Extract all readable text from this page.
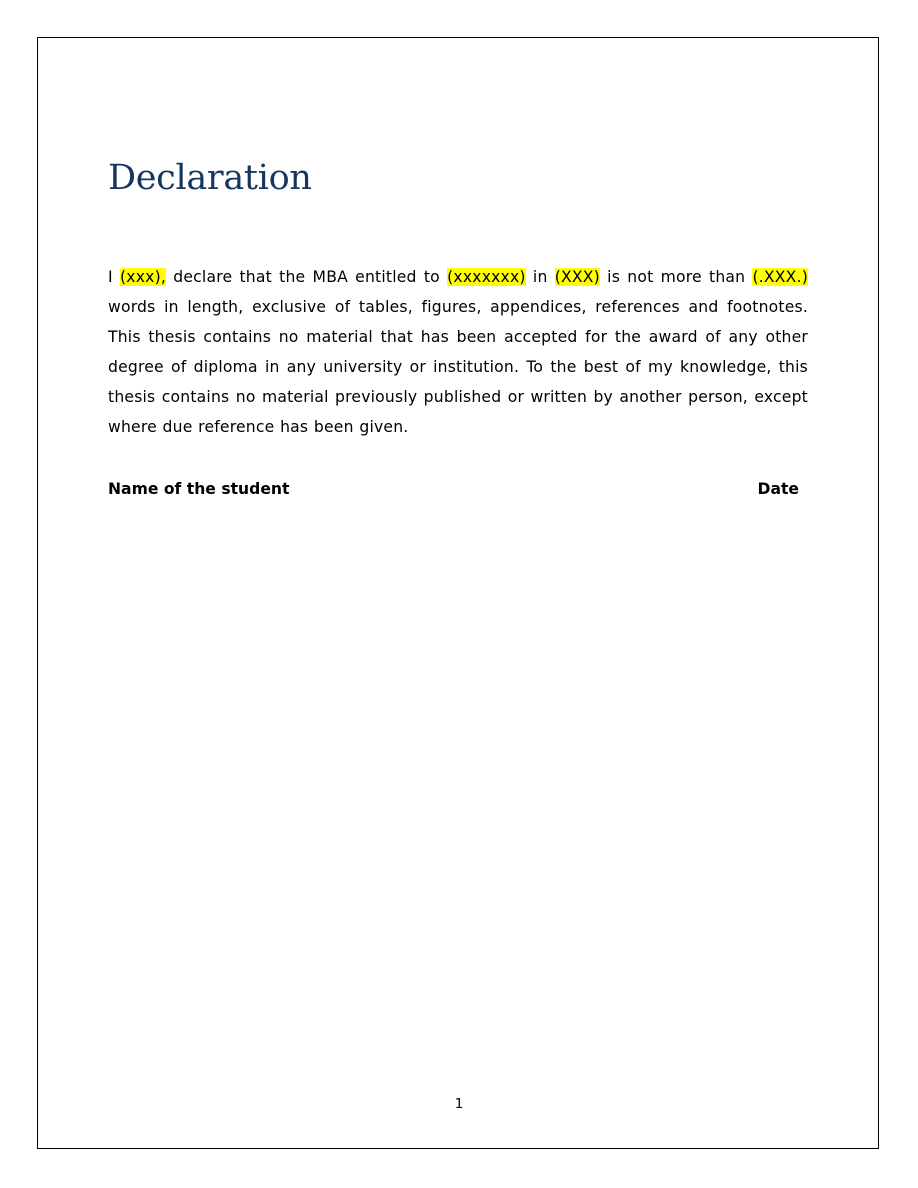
Declaration

I (xxx), declare that the MBA entitled to (xxxxxxx) in (XXX) is not more than (.XXX.) words in length, exclusive of tables, figures, appendices, references and footnotes. This thesis contains no material that has been accepted for the award of any other degree of diploma in any university or institution. To the best of my knowledge, this thesis contains no material previously published or written by another person, except where due reference has been given.

Name of the student	Date
1
